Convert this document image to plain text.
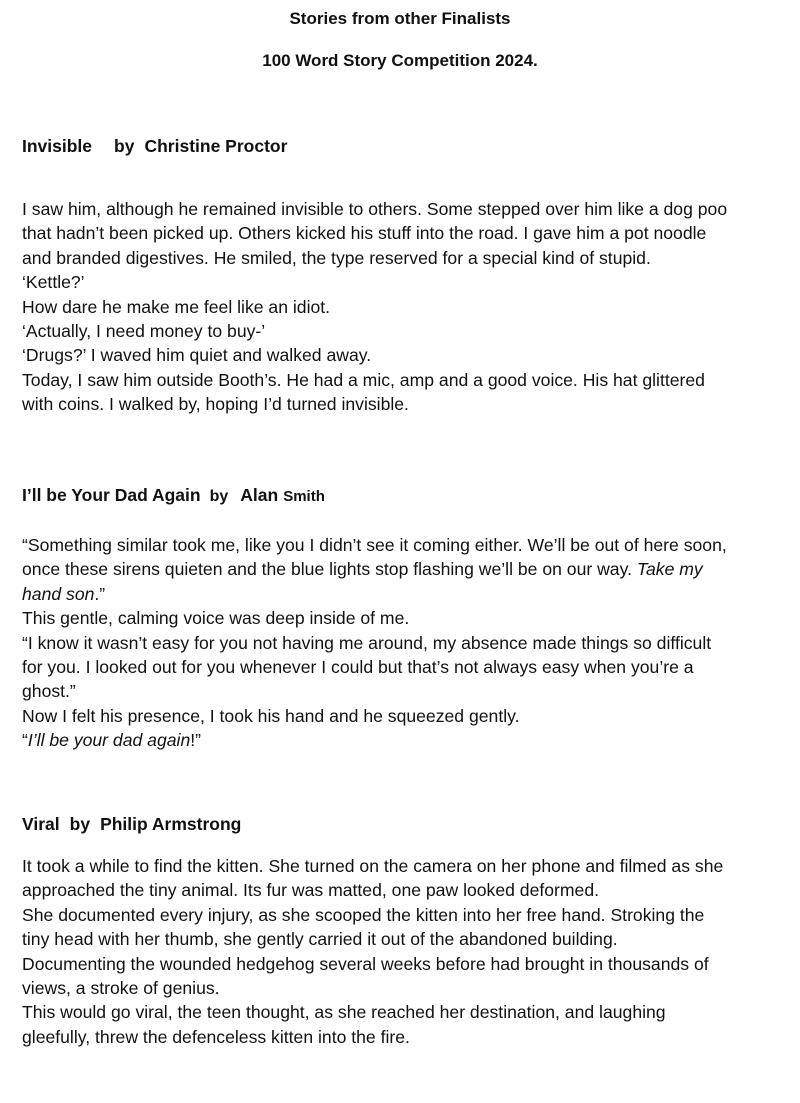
Stories from other Finalists
100 Word Story Competition 2024.
Invisible by Christine Proctor
I saw him, although he remained invisible to others. Some stepped over him like a dog poo
that hadn’t been picked up. Others kicked his stuff into the road. I gave him a pot noodle
and branded digestives. He smiled, the type reserved for a special kind of stupid.
‘Kettle?’
How dare he make me feel like an idiot.
‘Actually, I need money to buy-’
‘Drugs?’ I waved him quiet and walked away.
Today, I saw him outside Booth’s. He had a mic, amp and a good voice. His hat glittered
with coins. I walked by, hoping I’d turned invisible.
I’ll be Your Dad Again by Alan Smith
“Something similar took me, like you I didn’t see it coming either. We’ll be out of here soon,
once these sirens quieten and the blue lights stop flashing we’ll be on our way. Take my
hand son.”
This gentle, calming voice was deep inside of me.
“I know it wasn’t easy for you not having me around, my absence made things so difficult
for you. I looked out for you whenever I could but that’s not always easy when you’re a
ghost.”
Now I felt his presence, I took his hand and he squeezed gently.
“I’ll be your dad again!”
Viral by Philip Armstrong
It took a while to find the kitten. She turned on the camera on her phone and filmed as she
approached the tiny animal. Its fur was matted, one paw looked deformed.
She documented every injury, as she scooped the kitten into her free hand. Stroking the
tiny head with her thumb, she gently carried it out of the abandoned building.
Documenting the wounded hedgehog several weeks before had brought in thousands of
views, a stroke of genius.
This would go viral, the teen thought, as she reached her destination, and laughing
gleefully, threw the defenceless kitten into the fire.
